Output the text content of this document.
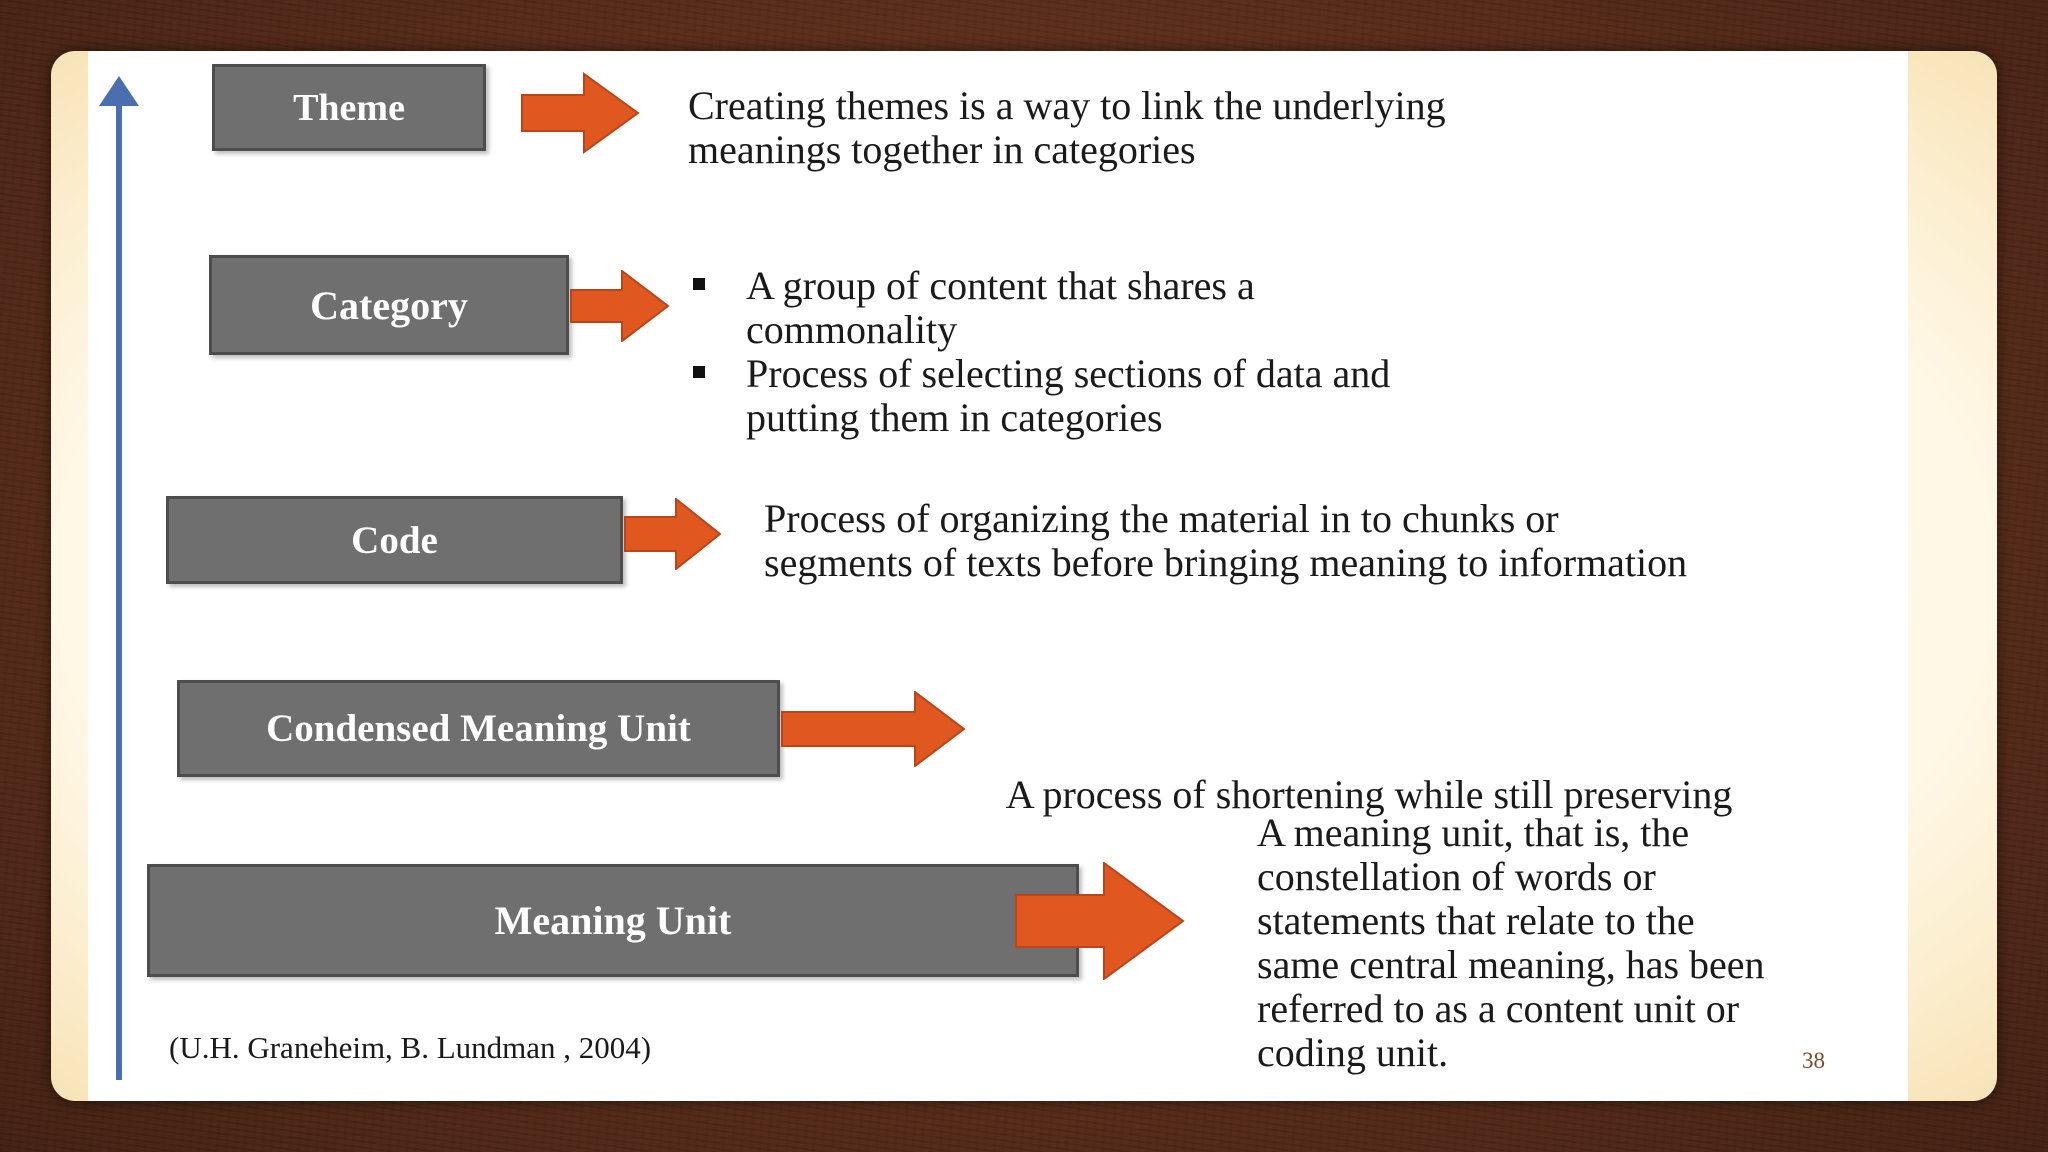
Theme	Creating themes is a way to link the underlying
meanings together in categories
Category	A group of content that shares a
commonality
Process of selecting sections of data and
putting them in categories
Code	Process of organizing the material in to chunks or
segments of texts before bringing meaning to information
Condensed Meaning Unit

A process of shortening while still preserving

Meaning Unit
A meaning unit, that is, the
constellation of words or
statements that relate to the
same central meaning, has been
referred to as a content unit or
coding unit.
(U.H. Graneheim, B. Lundman , 2004)	38
